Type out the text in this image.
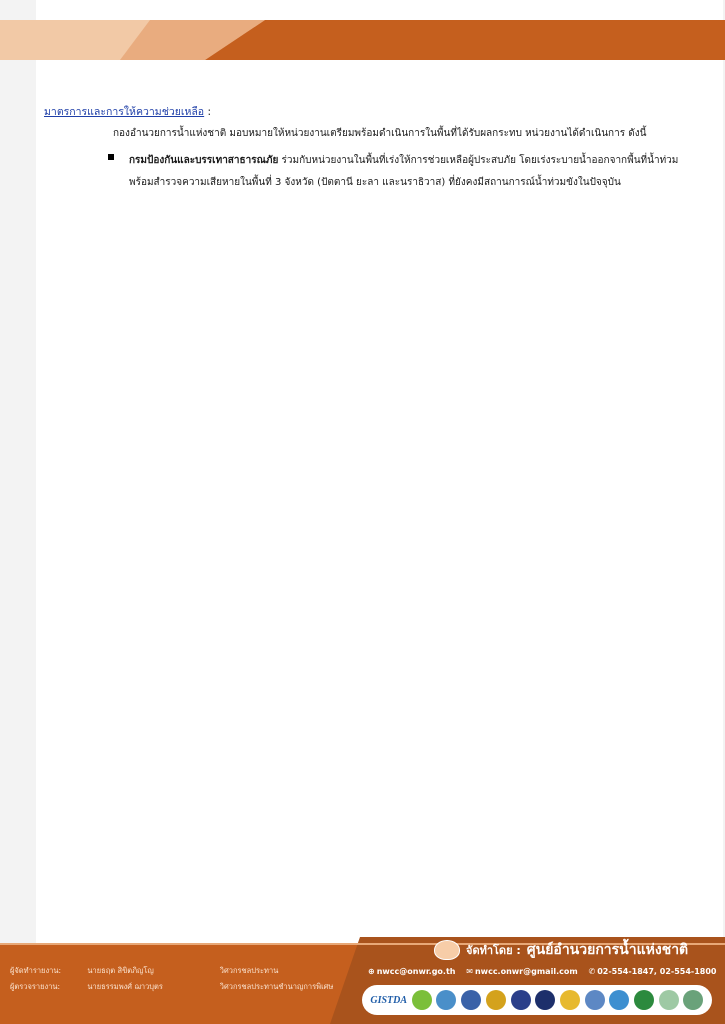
มาตรการและการให้ความช่วยเหลือ :
กองอำนวยการน้ำแห่งชาติ มอบหมายให้หน่วยงานเตรียมพร้อมดำเนินการในพื้นที่ได้รับผลกระทบ หน่วยงานได้ดำเนินการ ดังนี้
กรมป้องกันและบรรเทาสาธารณภัย ร่วมกับหน่วยงานในพื้นที่เร่งให้การช่วยเหลือผู้ประสบภัย โดยเร่งระบายน้ำออกจากพื้นที่น้ำท่วม พร้อมสำรวจความเสียหายในพื้นที่ 3 จังหวัด (ปัตตานี ยะลา และนราธิวาส) ที่ยังคงมีสถานการณ์น้ำท่วมขังในปัจจุบัน
ผู้จัดทำรายงาน:	นายธฤต สิขิตภิญโญ	วิศวกรชลประทาน
ผู้ตรวจรายงาน:	นายธรรมพงศ์ ฌาวบุตร	วิศวกรชลประทานชำนาญการพิเศษ
จัดทำโดย : ศูนย์อำนวยการน้ำแห่งชาติ
⊕ nwcc@onwr.go.th ✉ nwcc.onwr@gmail.com ✆ 02-554-1847, 02-554-1800
GISTDA
